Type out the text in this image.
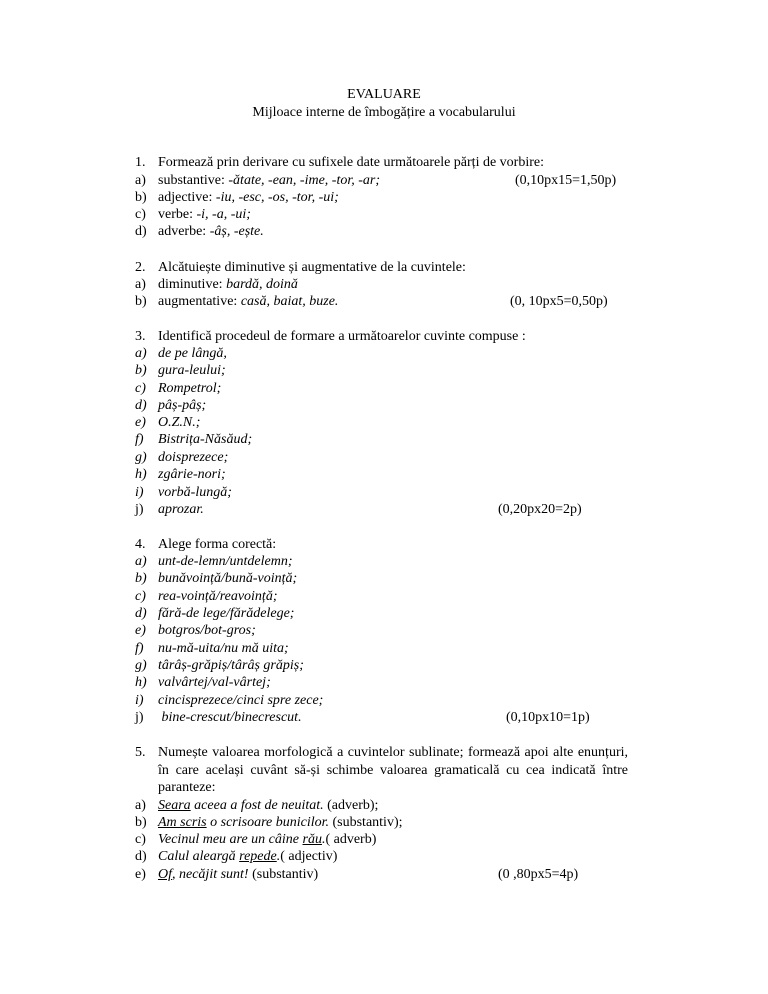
EVALUARE
Mijloace interne de îmbogățire a vocabularului
1. Formează prin derivare cu sufixele date următoarele părți de vorbire:
a) substantive: -ătate, -ean, -ime, -tor, -ar;	(0,10px15=1,50p)
b) adjective: -iu, -esc, -os, -tor, -ui;
c) verbe: -i, -a, -ui;
d) adverbe: -âș, -ește.
2. Alcătuiește diminutive și augmentative de la cuvintele:
a) diminutive: bardă, doină
b) augmentative: casă, baiat, buze.	(0, 10px5=0,50p)
3. Identifică procedeul de formare a următoarelor cuvinte compuse :
a) de pe lângă,
b) gura-leului;
c) Rompetrol;
d) pâș-pâș;
e) O.Z.N.;
f) Bistrița-Năsăud;
g) doisprezece;
h) zgârie-nori;
i) vorbă-lungă;
j) aprozar.	(0,20px20=2p)
4. Alege forma corectă:
a) unt-de-lemn/untdelemn;
b) bunăvoință/bună-voință;
c) rea-voință/reavoință;
d) fără-de lege/fărădelege;
e) botgros/bot-gros;
f) nu-mă-uita/nu mă uita;
g) târâș-grăpiș/târâș grăpiș;
h) valvârtej/val-vârtej;
i) cincisprezece/cinci spre zece;
j) bine-crescut/binecrescut.	(0,10px10=1p)
5. Numește valoarea morfologică a cuvintelor sublinate; formează apoi alte enunțuri,
în care același cuvânt să-și schimbe valoarea gramaticală cu cea indicată între
paranteze:
a) Seara aceea a fost de neuitat. (adverb);
b) Am scris o scrisoare bunicilor. (substantiv);
c) Vecinul meu are un câine rău.( adverb)
d) Calul aleargă repede.( adjectiv)
e) Of, necăjit sunt! (substantiv)	(0 ,80px5=4p)
